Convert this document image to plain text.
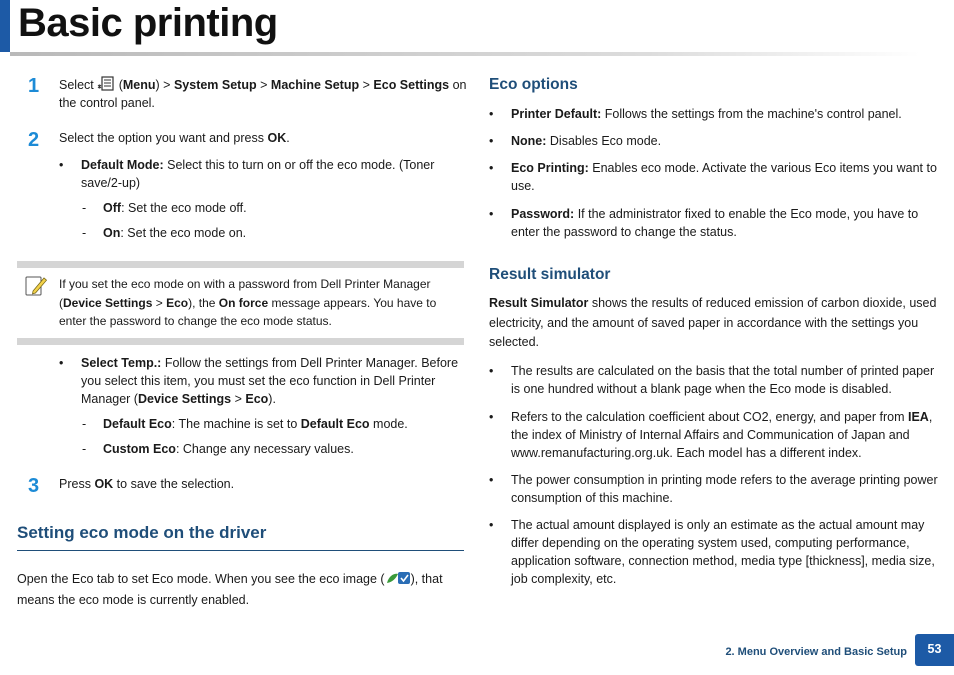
Basic printing
1 Select  (Menu) > System Setup > Machine Setup > Eco Settings on the control panel.
2 Select the option you want and press OK.
• Default Mode: Select this to turn on or off the eco mode. (Toner save/2-up)
- Off: Set the eco mode off.
- On: Set the eco mode on.
If you set the eco mode on with a password from Dell Printer Manager (Device Settings > Eco), the On force message appears. You have to enter the password to change the eco mode status.
• Select Temp.: Follow the settings from Dell Printer Manager. Before you select this item, you must set the eco function in Dell Printer Manager (Device Settings > Eco).
- Default Eco: The machine is set to Default Eco mode.
- Custom Eco: Change any necessary values.
3 Press OK to save the selection.
Setting eco mode on the driver
Open the Eco tab to set Eco mode. When you see the eco image ( ), that means the eco mode is currently enabled.
Eco options
• Printer Default: Follows the settings from the machine's control panel.
• None: Disables Eco mode.
• Eco Printing: Enables eco mode. Activate the various Eco items you want to use.
• Password: If the administrator fixed to enable the Eco mode, you have to enter the password to change the status.
Result simulator
Result Simulator shows the results of reduced emission of carbon dioxide, used electricity, and the amount of saved paper in accordance with the settings you selected.
• The results are calculated on the basis that the total number of printed paper is one hundred without a blank page when the Eco mode is disabled.
• Refers to the calculation coefficient about CO2, energy, and paper from IEA, the index of Ministry of Internal Affairs and Communication of Japan and www.remanufacturing.org.uk. Each model has a different index.
• The power consumption in printing mode refers to the average printing power consumption of this machine.
• The actual amount displayed is only an estimate as the actual amount may differ depending on the operating system used, computing performance, application software, connection method, media type [thickness], media size, job complexity, etc.
2. Menu Overview and Basic Setup	53
